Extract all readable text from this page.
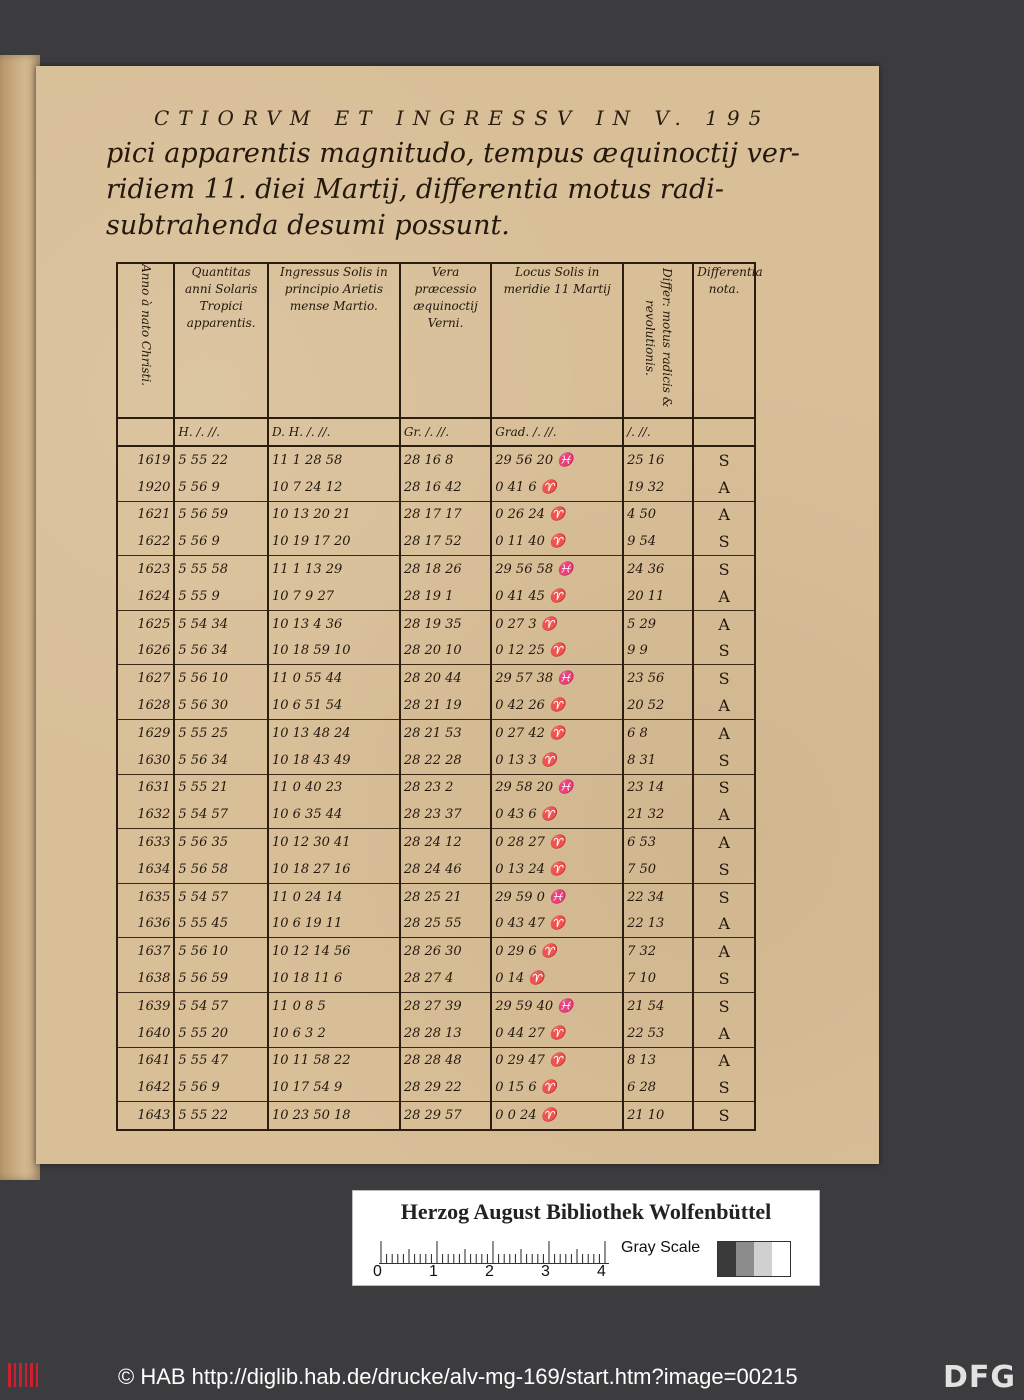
CTIORVM ET INGRESSV IN V. 195
pici apparentis magnitudo, tempus æquinoctij ver-
ridiem 11. diei Martij, differentia motus radi-
subtrahenda desumi possunt.
Anno à nato Christi.	Quantitas anni Solaris Tropici apparentis.	Ingressus Solis in principio Arietis mense Martio.	Vera præcessio æquinoctij Verni.	Locus Solis in meridie 11 Martij	Differ: motus radicis & revolutionis.	Differentia nota.
	H. /. //.	D. H. /. //.	Gr. /. //.	Grad. /. //.	/. //.	
1619	5 55 22	11 1 28 58	28 16 8	29 56 20 ♓	25 16	S
1920	5 56 9	10 7 24 12	28 16 42	0 41 6 ♈	19 32	A
1621	5 56 59	10 13 20 21	28 17 17	0 26 24 ♈	4 50	A
1622	5 56 9	10 19 17 20	28 17 52	0 11 40 ♈	9 54	S
1623	5 55 58	11 1 13 29	28 18 26	29 56 58 ♓	24 36	S
1624	5 55 9	10 7 9 27	28 19 1	0 41 45 ♈	20 11	A
1625	5 54 34	10 13 4 36	28 19 35	0 27 3 ♈	5 29	A
1626	5 56 34	10 18 59 10	28 20 10	0 12 25 ♈	9 9	S
1627	5 56 10	11 0 55 44	28 20 44	29 57 38 ♓	23 56	S
1628	5 56 30	10 6 51 54	28 21 19	0 42 26 ♈	20 52	A
1629	5 55 25	10 13 48 24	28 21 53	0 27 42 ♈	6 8	A
1630	5 56 34	10 18 43 49	28 22 28	0 13 3 ♈	8 31	S
1631	5 55 21	11 0 40 23	28 23 2	29 58 20 ♓	23 14	S
1632	5 54 57	10 6 35 44	28 23 37	0 43 6 ♈	21 32	A
1633	5 56 35	10 12 30 41	28 24 12	0 28 27 ♈	6 53	A
1634	5 56 58	10 18 27 16	28 24 46	0 13 24 ♈	7 50	S
1635	5 54 57	11 0 24 14	28 25 21	29 59 0 ♓	22 34	S
1636	5 55 45	10 6 19 11	28 25 55	0 43 47 ♈	22 13	A
1637	5 56 10	10 12 14 56	28 26 30	0 29 6 ♈	7 32	A
1638	5 56 59	10 18 11 6	28 27 4	0 14 ♈	7 10	S
1639	5 54 57	11 0 8 5	28 27 39	29 59 40 ♓	21 54	S
1640	5 55 20	10 6 3 2	28 28 13	0 44 27 ♈	22 53	A
1641	5 55 47	10 11 58 22	28 28 48	0 29 47 ♈	8 13	A
1642	5 56 9	10 17 54 9	28 29 22	0 15 6 ♈	6 28	S
1643	5 55 22	10 23 50 18	28 29 57	0 0 24 ♈	21 10	S
Herzog August Bibliothek Wolfenbüttel
0	1	2	3	4
Gray Scale
© HAB http://diglib.hab.de/drucke/alv-mg-169/start.htm?image=00215	DFG
